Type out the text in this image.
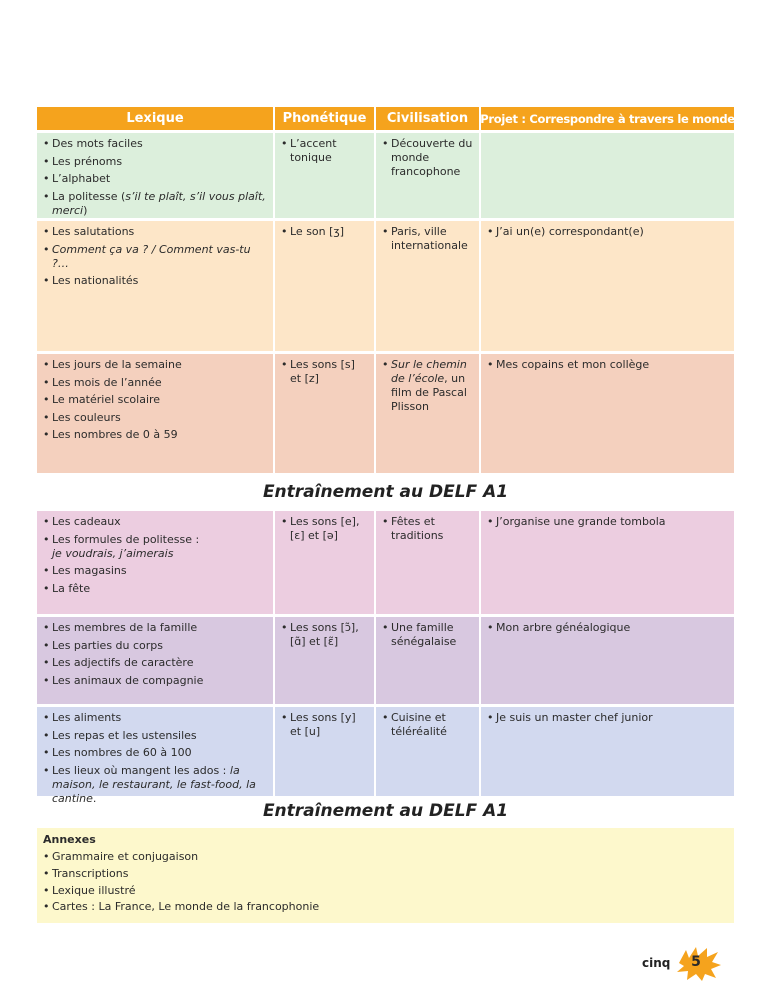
Lexique	Phonétique	Civilisation	Projet : Correspondre à travers le monde
• Des mots faciles
• Les prénoms
• L’alphabet
• La politesse (s’il te plaît, s’il vous plaît, merci)
• L’accent tonique
• Découverte du monde francophone
• Les salutations
• Comment ça va ? / Comment vas-tu ?…
• Les nationalités
• Le son [ʒ]
•	Paris, ville internationale
• J’ai un(e) correspondant(e)
• Les jours de la semaine
• Les mois de l’année
• Le matériel scolaire
• Les couleurs
• Les nombres de 0 à 59
• Les sons [s] et [z]
• Sur le chemin de l’école, un film de Pascal Plisson
• Mes copains et mon collège
Entraînement au DELF A1
• Les cadeaux
• Les formules de politesse :
je voudrais, j’aimerais
• Les magasins
• La fête
• Les sons [e], [ɛ] et [ə]
• Fêtes et traditions
• J’organise une grande tombola
• Les membres de la famille
• Les parties du corps
• Les adjectifs de caractère
• Les animaux de compagnie
• Les sons [ɔ̃], [ɑ̃] et [ɛ̃]
• Une famille sénégalaise
• Mon arbre généalogique
• Les aliments
• Les repas et les ustensiles
• Les nombres de 60 à 100
• Les lieux où mangent les ados : la maison, le restaurant, le fast-food, la cantine.
• Les sons [y] et [u]
• Cuisine et téléréalité
• Je suis un master chef junior
Entraînement au DELF A1
Annexes
• Grammaire et conjugaison
• Transcriptions
• Lexique illustré
• Cartes : La France, Le monde de la francophonie
cinq 5
